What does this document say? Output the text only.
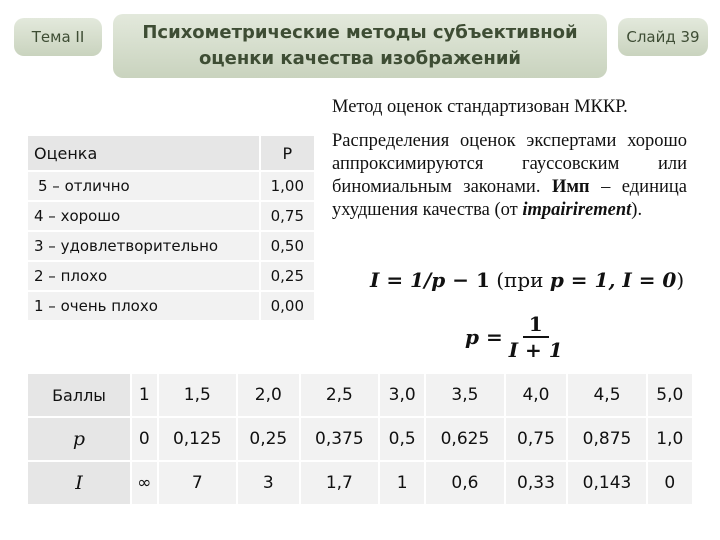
Тема II	Психометрические методы субъективной
оценки качества изображений
Слайд 39
Оценка	P
5 – отлично	1,00
4 – хорошо	0,75
3 – удовлетворительно	0,50
2 – плохо	0,25
1 – очень плохо	0,00

Метод оценок стандартизован МККР.

Распределения оценок экспертами хорошо аппроксимируются гауссовским или биномиальным законами. Имп – единица ухудшения качества (от impairirement).

I = 1/p − 1 (при p = 1, I = 0)
$p = \frac{1}{I + 1}$
Баллы	1	1,5	2,0	2,5	3,0	3,5	4,0	4,5	5,0
p	0	0,125	0,25	0,375	0,5	0,625	0,75	0,875	1,0
I	∞	7	3	1,7	1	0,6	0,33	0,143	0
